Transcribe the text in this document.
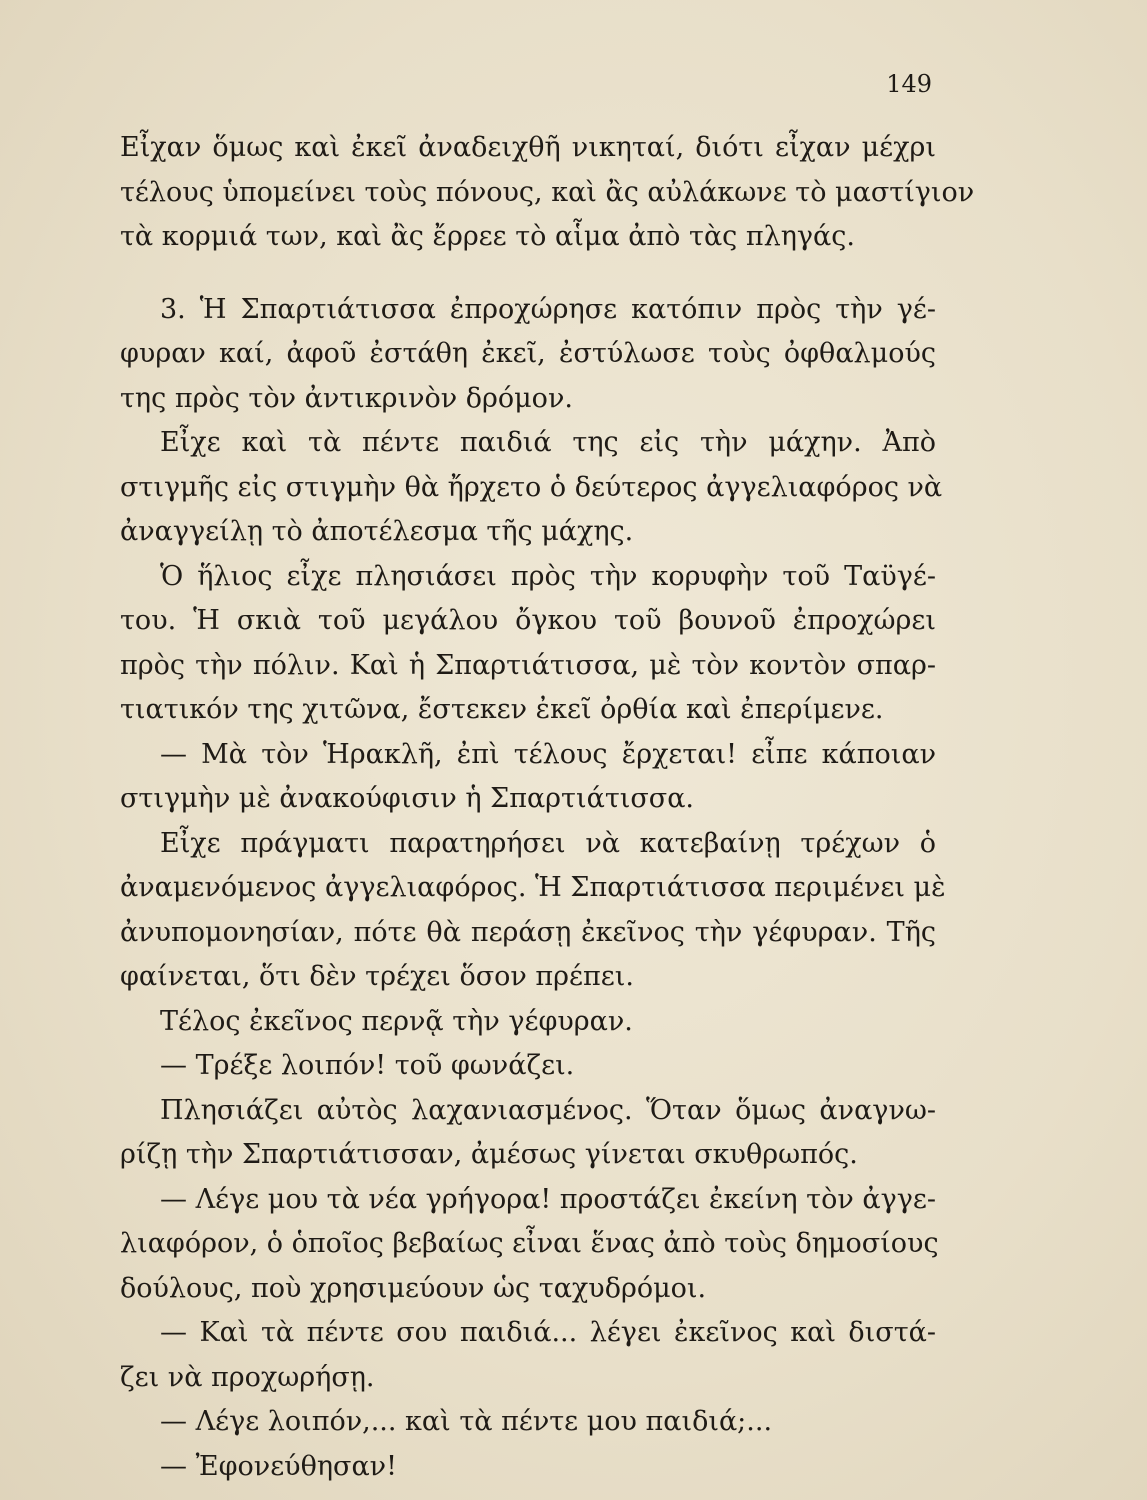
149
Εἶχαν ὅμως καὶ ἐκεῖ ἀναδειχθῆ νικηταί, διότι εἶχαν μέχρι
τέλους ὑπομείνει τοὺς πόνους, καὶ ἂς αὐλάκωνε τὸ μαστίγιον
τὰ κορμιά των, καὶ ἂς ἔρρεε τὸ αἷμα ἀπὸ τὰς πληγάς.
3. Ἡ Σπαρτιάτισσα ἐπροχώρησε κατόπιν πρὸς τὴν γέ-
φυραν καί, ἀφοῦ ἐστάθη ἐκεῖ, ἐστύλωσε τοὺς ὀφθαλμούς
της πρὸς τὸν ἀντικρινὸν δρόμον.
Εἶχε καὶ τὰ πέντε παιδιά της εἰς τὴν μάχην. Ἀπὸ
στιγμῆς εἰς στιγμὴν θὰ ἤρχετο ὁ δεύτερος ἀγγελιαφόρος νὰ
ἀναγγείλῃ τὸ ἀποτέλεσμα τῆς μάχης.
Ὁ ἥλιος εἶχε πλησιάσει πρὸς τὴν κορυφὴν τοῦ Ταϋγέ-
του. Ἡ σκιὰ τοῦ μεγάλου ὄγκου τοῦ βουνοῦ ἐπροχώρει
πρὸς τὴν πόλιν. Καὶ ἡ Σπαρτιάτισσα, μὲ τὸν κοντὸν σπαρ-
τιατικόν της χιτῶνα, ἔστεκεν ἐκεῖ ὀρθία καὶ ἐπερίμενε.
— Μὰ τὸν Ἡρακλῆ, ἐπὶ τέλους ἔρχεται! εἶπε κάποιαν
στιγμὴν μὲ ἀνακούφισιν ἡ Σπαρτιάτισσα.
Εἶχε πράγματι παρατηρήσει νὰ κατεβαίνῃ τρέχων ὁ
ἀναμενόμενος ἀγγελιαφόρος. Ἡ Σπαρτιάτισσα περιμένει μὲ
ἀνυπομονησίαν, πότε θὰ περάσῃ ἐκεῖνος τὴν γέφυραν. Τῆς
φαίνεται, ὅτι δὲν τρέχει ὅσον πρέπει.
Τέλος ἐκεῖνος περνᾷ τὴν γέφυραν.
— Τρέξε λοιπόν! τοῦ φωνάζει.
Πλησιάζει αὐτὸς λαχανιασμένος. Ὅταν ὅμως ἀναγνω-
ρίζῃ τὴν Σπαρτιάτισσαν, ἀμέσως γίνεται σκυθρωπός.
— Λέγε μου τὰ νέα γρήγορα! προστάζει ἐκείνη τὸν ἀγγε-
λιαφόρον, ὁ ὁποῖος βεβαίως εἶναι ἕνας ἀπὸ τοὺς δημοσίους
δούλους, ποὺ χρησιμεύουν ὡς ταχυδρόμοι.
— Καὶ τὰ πέντε σου παιδιά... λέγει ἐκεῖνος καὶ διστά-
ζει νὰ προχωρήσῃ.
— Λέγε λοιπόν,... καὶ τὰ πέντε μου παιδιά;...
— Ἐφονεύθησαν!
